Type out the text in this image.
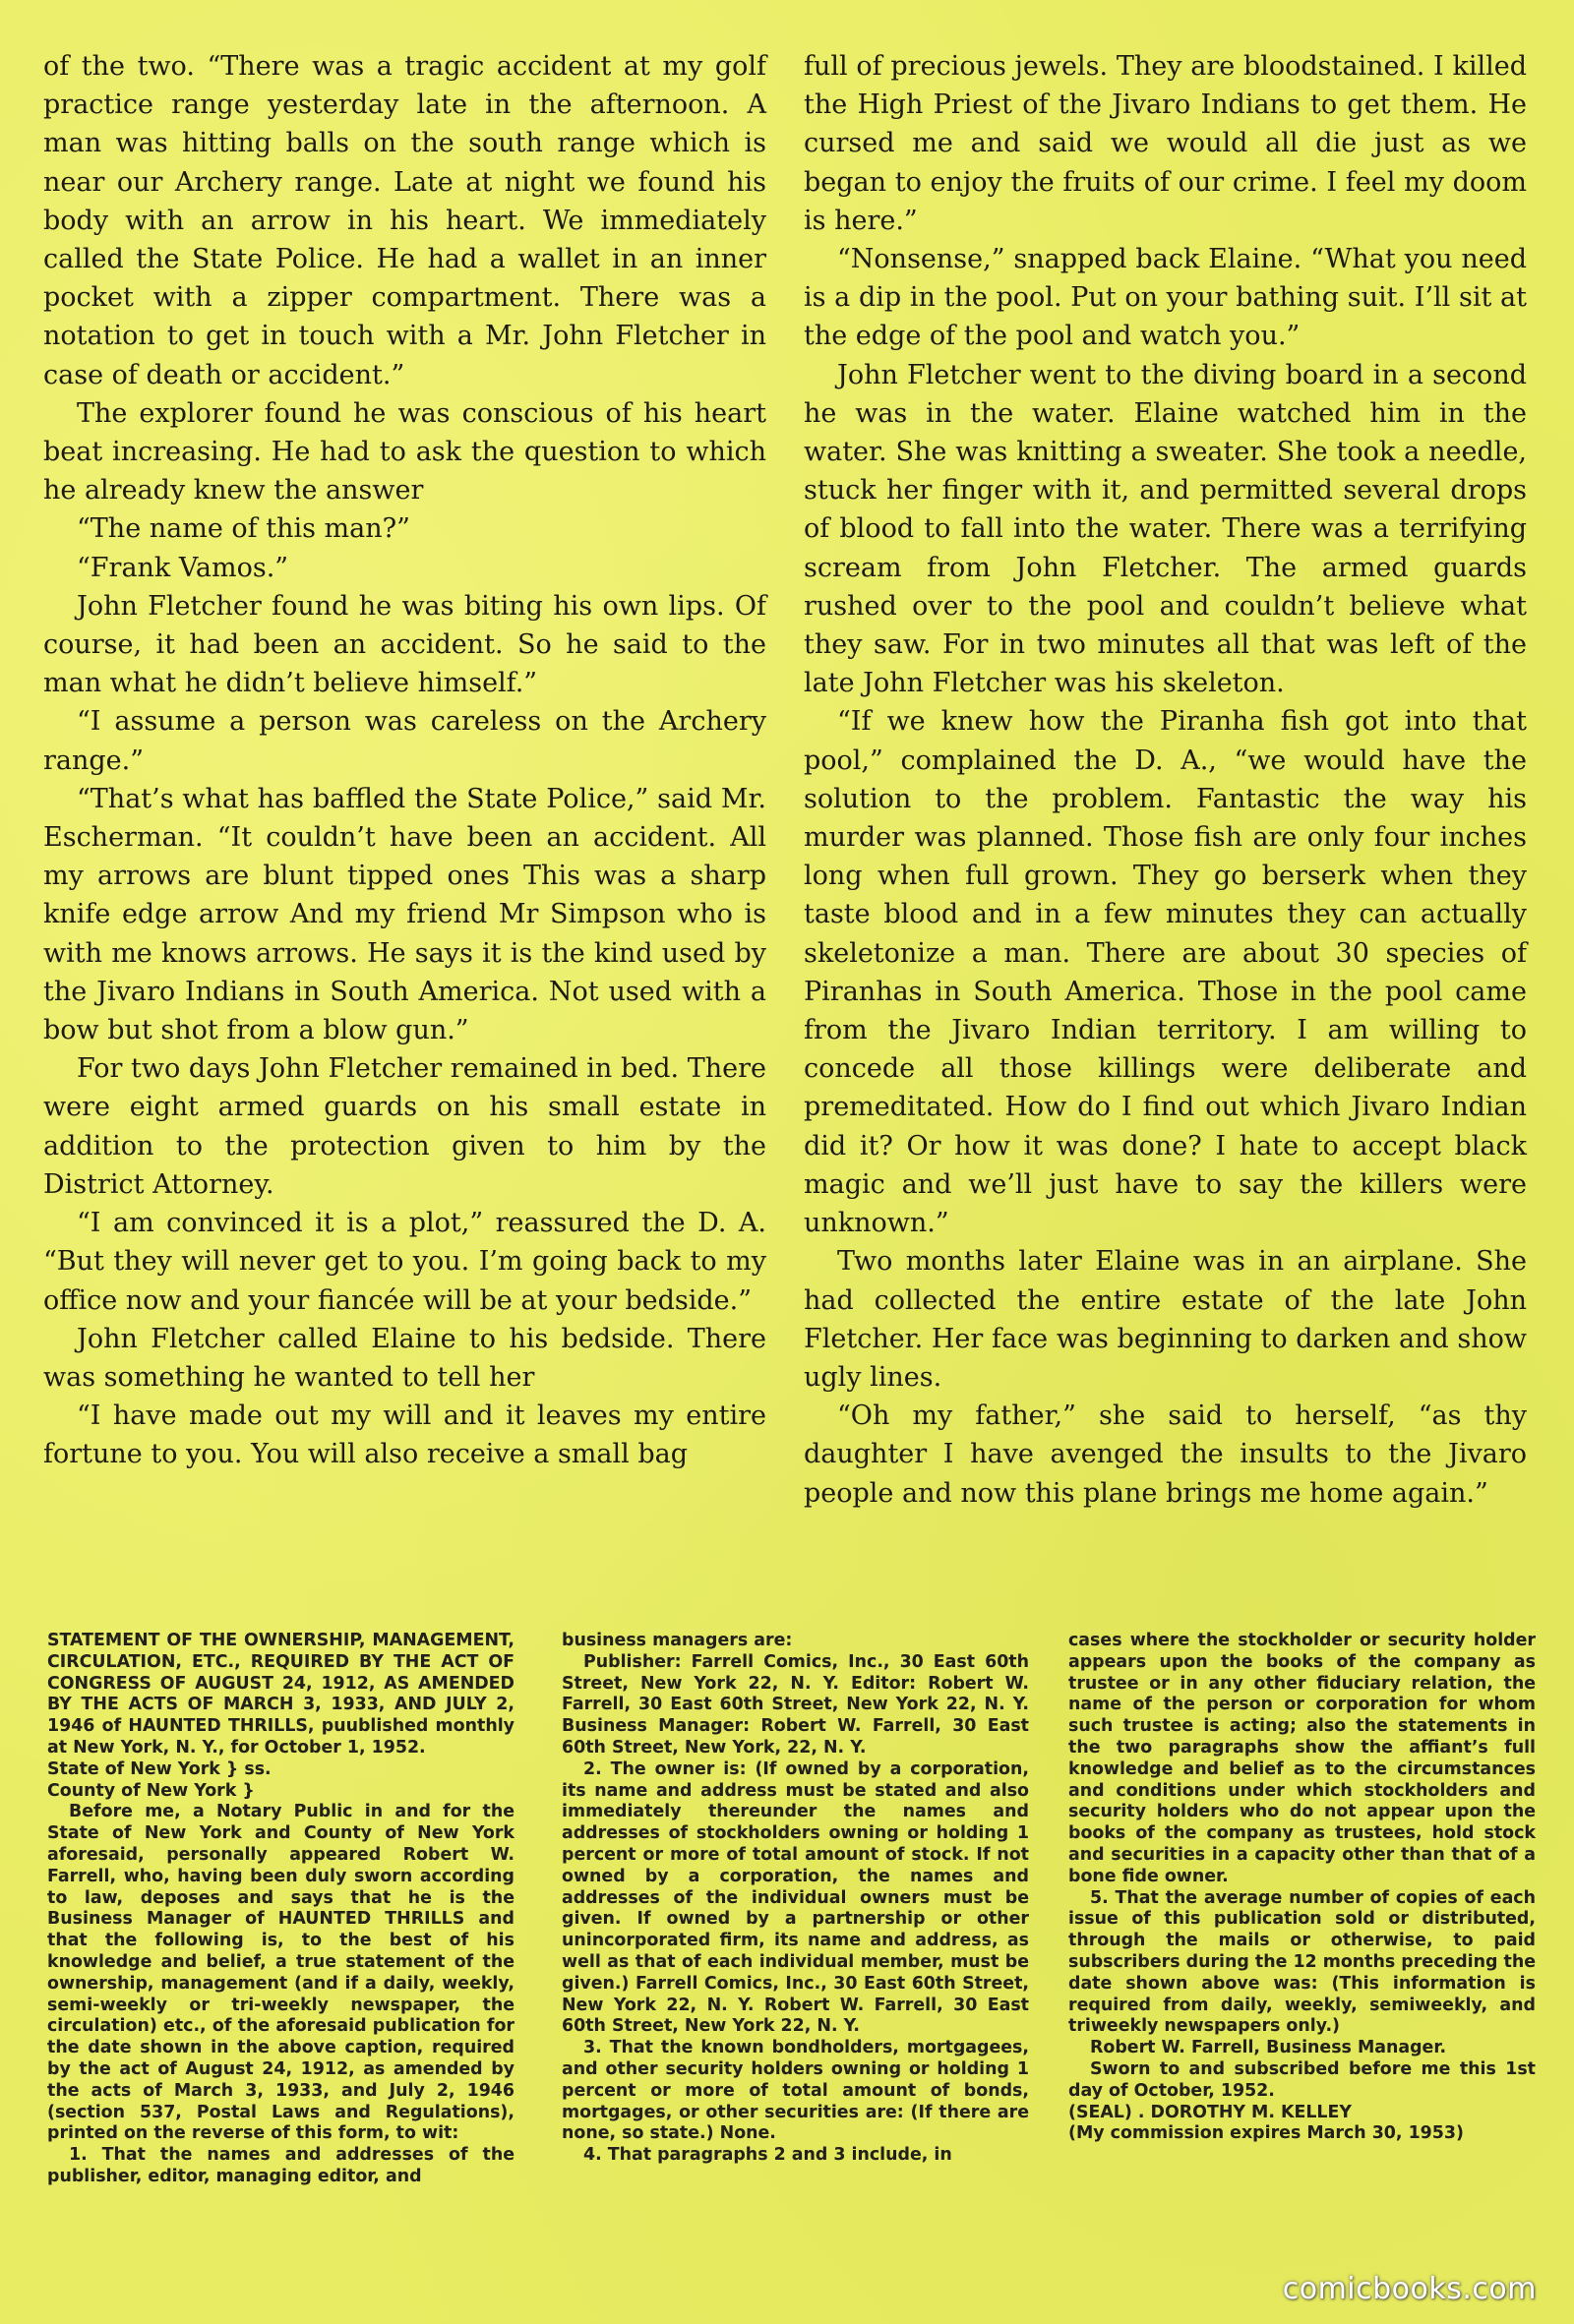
of the two. “There was a tragic accident at my golf practice range yesterday late in the afternoon. A man was hitting balls on the south range which is near our Archery range. Late at night we found his body with an arrow in his heart. We immediately called the State Police. He had a wallet in an inner pocket with a zipper compartment. There was a notation to get in touch with a Mr. John Fletcher in case of death or accident.”

The explorer found he was conscious of his heart beat increasing. He had to ask the question to which he already knew the answer

“The name of this man?”

“Frank Vamos.”

John Fletcher found he was biting his own lips. Of course, it had been an accident. So he said to the man what he didn’t believe himself.”

“I assume a person was careless on the Archery range.”

“That’s what has baffled the State Police,” said Mr. Escherman. “It couldn’t have been an accident. All my arrows are blunt tipped ones This was a sharp knife edge arrow And my friend Mr Simpson who is with me knows arrows. He says it is the kind used by the Jivaro Indians in South America. Not used with a bow but shot from a blow gun.”

For two days John Fletcher remained in bed. There were eight armed guards on his small estate in addition to the protection given to him by the District Attorney.

“I am convinced it is a plot,” reassured the D. A. “But they will never get to you. I’m going back to my office now and your fiancée will be at your bedside.”

John Fletcher called Elaine to his bedside. There was something he wanted to tell her

“I have made out my will and it leaves my entire fortune to you. You will also receive a small bag

full of precious jewels. They are bloodstained. I killed the High Priest of the Jivaro Indians to get them. He cursed me and said we would all die just as we began to enjoy the fruits of our crime. I feel my doom is here.”

“Nonsense,” snapped back Elaine. “What you need is a dip in the pool. Put on your bathing suit. I’ll sit at the edge of the pool and watch you.”

John Fletcher went to the diving board in a second he was in the water. Elaine watched him in the water. She was knitting a sweater. She took a needle, stuck her finger with it, and permitted several drops of blood to fall into the water. There was a terrifying scream from John Fletcher. The armed guards rushed over to the pool and couldn’t believe what they saw. For in two minutes all that was left of the late John Fletcher was his skeleton.

“If we knew how the Piranha fish got into that pool,” complained the D. A., “we would have the solution to the problem. Fantastic the way his murder was planned. Those fish are only four inches long when full grown. They go berserk when they taste blood and in a few minutes they can actually skeletonize a man. There are about 30 species of Piranhas in South America. Those in the pool came from the Jivaro Indian territory. I am willing to concede all those killings were deliberate and premeditated. How do I find out which Jivaro Indian did it? Or how it was done? I hate to accept black magic and we’ll just have to say the killers were unknown.”

Two months later Elaine was in an airplane. She had collected the entire estate of the late John Fletcher. Her face was beginning to darken and show ugly lines.

“Oh my father,” she said to herself, “as thy daughter I have avenged the insults to the Jivaro people and now this plane brings me home again.”

STATEMENT OF THE OWNERSHIP, MANAGEMENT, CIRCULATION, ETC., REQUIRED BY THE ACT OF CONGRESS OF AUGUST 24, 1912, AS AMENDED BY THE ACTS OF MARCH 3, 1933, AND JULY 2, 1946 of HAUNTED THRILLS, puublished monthly at New York, N. Y., for October 1, 1952.

State of New York } ss.

County of New York }

Before me, a Notary Public in and for the State of New York and County of New York aforesaid, personally appeared Robert W. Farrell, who, having been duly sworn according to law, deposes and says that he is the Business Manager of HAUNTED THRILLS and that the following is, to the best of his knowledge and belief, a true statement of the ownership, management (and if a daily, weekly, semi-weekly or tri-weekly newspaper, the circulation) etc., of the aforesaid publication for the date shown in the above caption, required by the act of August 24, 1912, as amended by the acts of March 3, 1933, and July 2, 1946 (section 537, Postal Laws and Regulations), printed on the reverse of this form, to wit:

1. That the names and addresses of the publisher, editor, managing editor, and

business managers are:

Publisher: Farrell Comics, Inc., 30 East 60th Street, New York 22, N. Y. Editor: Robert W. Farrell, 30 East 60th Street, New York 22, N. Y. Business Manager: Robert W. Farrell, 30 East 60th Street, New York, 22, N. Y.

2. The owner is: (If owned by a corporation, its name and address must be stated and also immediately thereunder the names and addresses of stockholders owning or holding 1 percent or more of total amount of stock. If not owned by a corporation, the names and addresses of the individual owners must be given. If owned by a partnership or other unincorporated firm, its name and address, as well as that of each individual member, must be given.) Farrell Comics, Inc., 30 East 60th Street, New York 22, N. Y. Robert W. Farrell, 30 East 60th Street, New York 22, N. Y.

3. That the known bondholders, mortgagees, and other security holders owning or holding 1 percent or more of total amount of bonds, mortgages, or other securities are: (If there are none, so state.) None.

4. That paragraphs 2 and 3 include, in

cases where the stockholder or security holder appears upon the books of the company as trustee or in any other fiduciary relation, the name of the person or corporation for whom such trustee is acting; also the statements in the two paragraphs show the affiant’s full knowledge and belief as to the circumstances and conditions under which stockholders and security holders who do not appear upon the books of the company as trustees, hold stock and securities in a capacity other than that of a bone fide owner.

5. That the average number of copies of each issue of this publication sold or distributed, through the mails or otherwise, to paid subscribers during the 12 months preceding the date shown above was: (This information is required from daily, weekly, semiweekly, and triweekly newspapers only.)

Robert W. Farrell, Business Manager.

Sworn to and subscribed before me this 1st day of October, 1952.

(SEAL) . DOROTHY M. KELLEY

(My commission expires March 30, 1953)

comicbooks.com
